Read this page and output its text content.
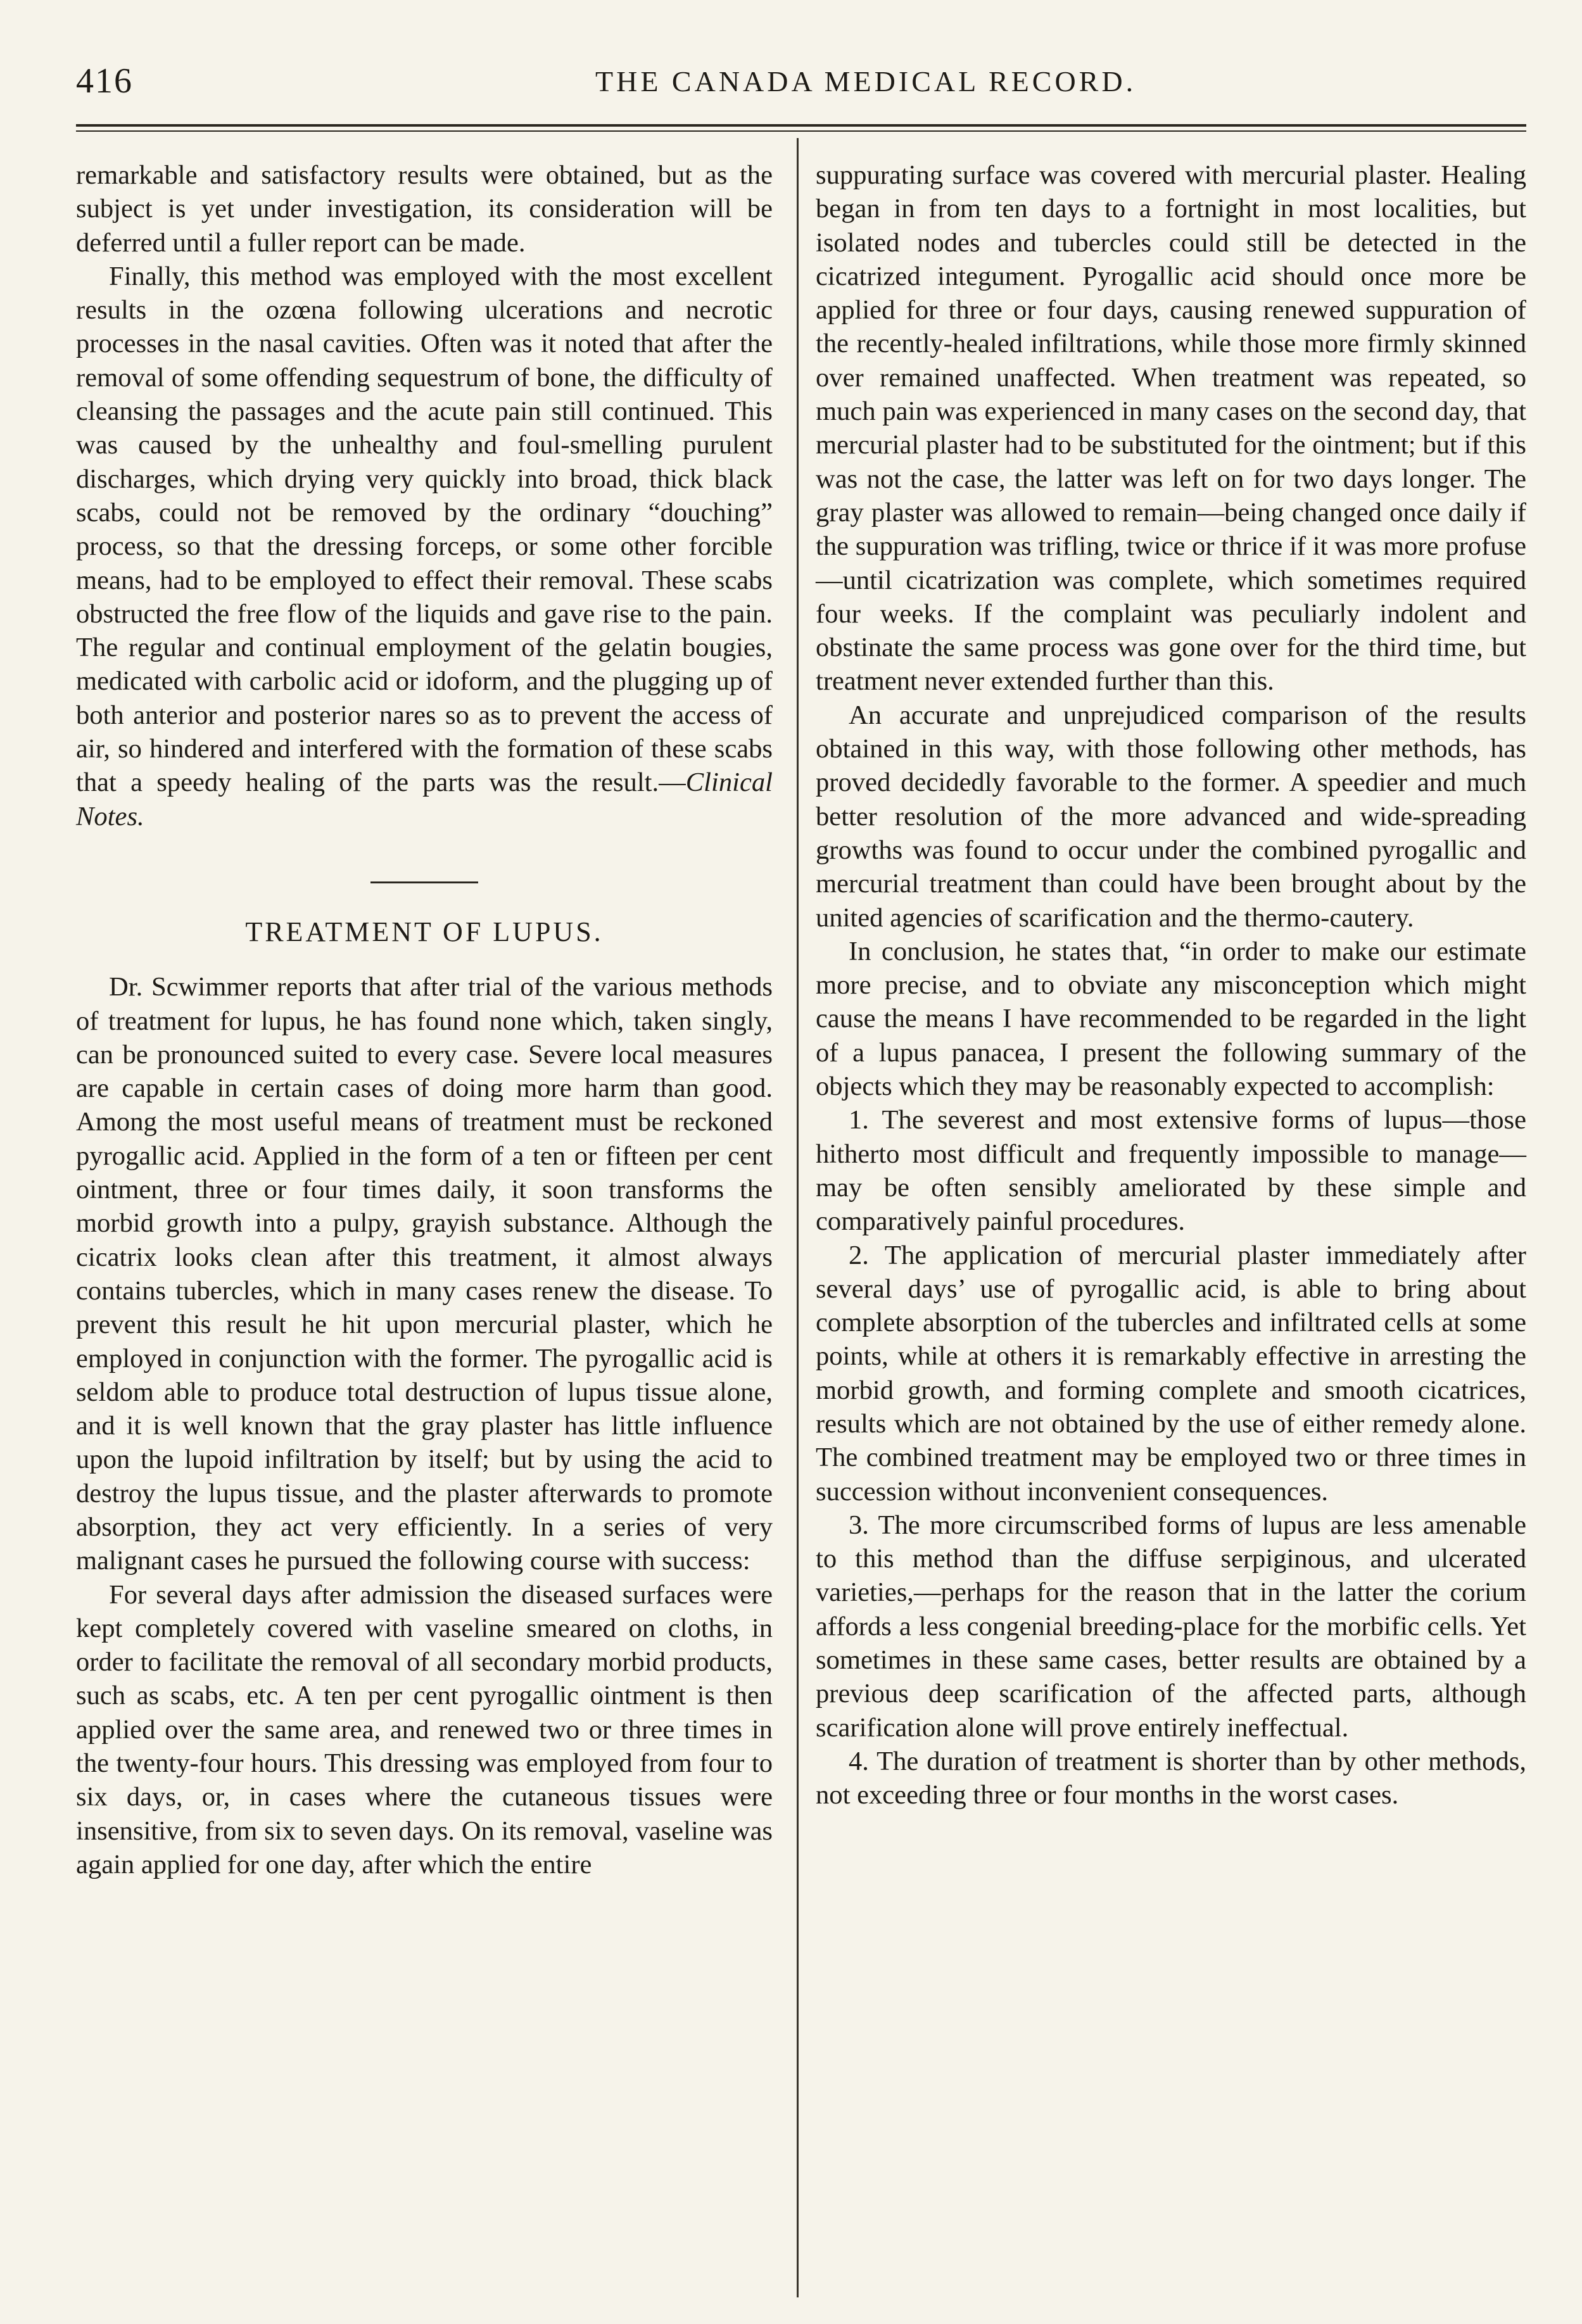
416	THE CANADA MEDICAL RECORD.

remarkable and satisfactory results were obtained, but as the subject is yet under investigation, its consideration will be deferred until a fuller report can be made.

Finally, this method was employed with the most excellent results in the ozœna following ulcerations and necrotic processes in the nasal cavities. Often was it noted that after the removal of some offending sequestrum of bone, the difficulty of cleansing the passages and the acute pain still continued. This was caused by the unhealthy and foul-smelling purulent discharges, which drying very quickly into broad, thick black scabs, could not be removed by the ordinary “douching” process, so that the dressing forceps, or some other forcible means, had to be employed to effect their removal. These scabs obstructed the free flow of the liquids and gave rise to the pain. The regular and continual employment of the gelatin bougies, medicated with carbolic acid or idoform, and the plugging up of both anterior and posterior nares so as to prevent the access of air, so hindered and interfered with the formation of these scabs that a speedy healing of the parts was the result.—Clinical Notes.

TREATMENT OF LUPUS.

Dr. Scwimmer reports that after trial of the various methods of treatment for lupus, he has found none which, taken singly, can be pronounced suited to every case. Severe local measures are capable in certain cases of doing more harm than good. Among the most useful means of treatment must be reckoned pyrogallic acid. Applied in the form of a ten or fifteen per cent ointment, three or four times daily, it soon transforms the morbid growth into a pulpy, grayish substance. Although the cicatrix looks clean after this treatment, it almost always contains tubercles, which in many cases renew the disease. To prevent this result he hit upon mercurial plaster, which he employed in conjunction with the former. The pyrogallic acid is seldom able to produce total destruction of lupus tissue alone, and it is well known that the gray plaster has little influence upon the lupoid infiltration by itself; but by using the acid to destroy the lupus tissue, and the plaster afterwards to promote absorption, they act very efficiently. In a series of very malignant cases he pursued the following course with success:

For several days after admission the diseased surfaces were kept completely covered with vaseline smeared on cloths, in order to facilitate the removal of all secondary morbid products, such as scabs, etc. A ten per cent pyrogallic ointment is then applied over the same area, and renewed two or three times in the twenty-four hours. This dressing was employed from four to six days, or, in cases where the cutaneous tissues were insensitive, from six to seven days. On its removal, vaseline was again applied for one day, after which the entire

suppurating surface was covered with mercurial plaster. Healing began in from ten days to a fortnight in most localities, but isolated nodes and tubercles could still be detected in the cicatrized integument. Pyrogallic acid should once more be applied for three or four days, causing renewed suppuration of the recently-healed infiltrations, while those more firmly skinned over remained unaffected. When treatment was repeated, so much pain was experienced in many cases on the second day, that mercurial plaster had to be substituted for the ointment; but if this was not the case, the latter was left on for two days longer. The gray plaster was allowed to remain—being changed once daily if the suppuration was trifling, twice or thrice if it was more profuse—until cicatrization was complete, which sometimes required four weeks. If the complaint was peculiarly indolent and obstinate the same process was gone over for the third time, but treatment never extended further than this.

An accurate and unprejudiced comparison of the results obtained in this way, with those following other methods, has proved decidedly favorable to the former. A speedier and much better resolution of the more advanced and wide-spreading growths was found to occur under the combined pyrogallic and mercurial treatment than could have been brought about by the united agencies of scarification and the thermo-cautery.

In conclusion, he states that, “in order to make our estimate more precise, and to obviate any misconception which might cause the means I have recommended to be regarded in the light of a lupus panacea, I present the following summary of the objects which they may be reasonably expected to accomplish:

1. The severest and most extensive forms of lupus—those hitherto most difficult and frequently impossible to manage—may be often sensibly ameliorated by these simple and comparatively painful procedures.

2. The application of mercurial plaster immediately after several days’ use of pyrogallic acid, is able to bring about complete absorption of the tubercles and infiltrated cells at some points, while at others it is remarkably effective in arresting the morbid growth, and forming complete and smooth cicatrices, results which are not obtained by the use of either remedy alone. The combined treatment may be employed two or three times in succession without inconvenient consequences.

3. The more circumscribed forms of lupus are less amenable to this method than the diffuse serpiginous, and ulcerated varieties,—perhaps for the reason that in the latter the corium affords a less congenial breeding-place for the morbific cells. Yet sometimes in these same cases, better results are obtained by a previous deep scarification of the affected parts, although scarification alone will prove entirely ineffectual.

4. The duration of treatment is shorter than by other methods, not exceeding three or four months in the worst cases.
